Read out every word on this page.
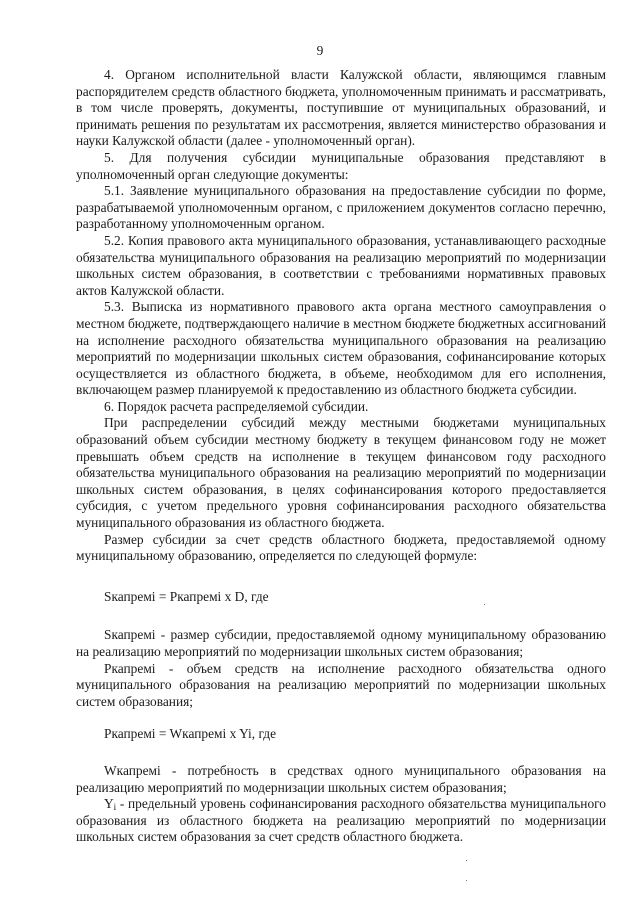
9

4. Органом исполнительной власти Калужской области, являющимся главным распорядителем средств областного бюджета, уполномоченным принимать и рассматривать, в том числе проверять, документы, поступившие от муниципальных образований, и принимать решения по результатам их рассмотрения, является министерство образования и науки Калужской области (далее - уполномоченный орган).

5. Для получения субсидии муниципальные образования представляют в уполномоченный орган следующие документы:

5.1. Заявление муниципального образования на предоставление субсидии по форме, разрабатываемой уполномоченным органом, с приложением документов согласно перечню, разработанному уполномоченным органом.

5.2. Копия правового акта муниципального образования, устанавливающего расходные обязательства муниципального образования на реализацию мероприятий по модернизации школьных систем образования, в соответствии с требованиями нормативных правовых актов Калужской области.

5.3. Выписка из нормативного правового акта органа местного самоуправления о местном бюджете, подтверждающего наличие в местном бюджете бюджетных ассигнований на исполнение расходного обязательства муниципального образования на реализацию мероприятий по модернизации школьных систем образования, софинансирование которых осуществляется из областного бюджета, в объеме, необходимом для его исполнения, включающем размер планируемой к предоставлению из областного бюджета субсидии.

6. Порядок расчета распределяемой субсидии.

При распределении субсидий между местными бюджетами муниципальных образований объем субсидии местному бюджету в текущем финансовом году не может превышать объем средств на исполнение в текущем финансовом году расходного обязательства муниципального образования на реализацию мероприятий по модернизации школьных систем образования, в целях софинансирования которого предоставляется субсидия, с учетом предельного уровня софинансирования расходного обязательства муниципального образования из областного бюджета.

Размер субсидии за счет средств областного бюджета, предоставляемой одному муниципальному образованию, определяется по следующей формуле:

Sкапремi = Pкапремi x D, где

Sкапремi - размер субсидии, предоставляемой одному муниципальному образованию на реализацию мероприятий по модернизации школьных систем образования;

Pкапремi - объем средств на исполнение расходного обязательства одного муниципального образования на реализацию мероприятий по модернизации школьных систем образования;

Pкапремi = Wкапремi x Yi, где

Wкапремi - потребность в средствах одного муниципального образования на реализацию мероприятий по модернизации школьных систем образования;

$Y_i$ - предельный уровень софинансирования расходного обязательства муниципального образования из областного бюджета на реализацию мероприятий по модернизации школьных систем образования за счет средств областного бюджета.
